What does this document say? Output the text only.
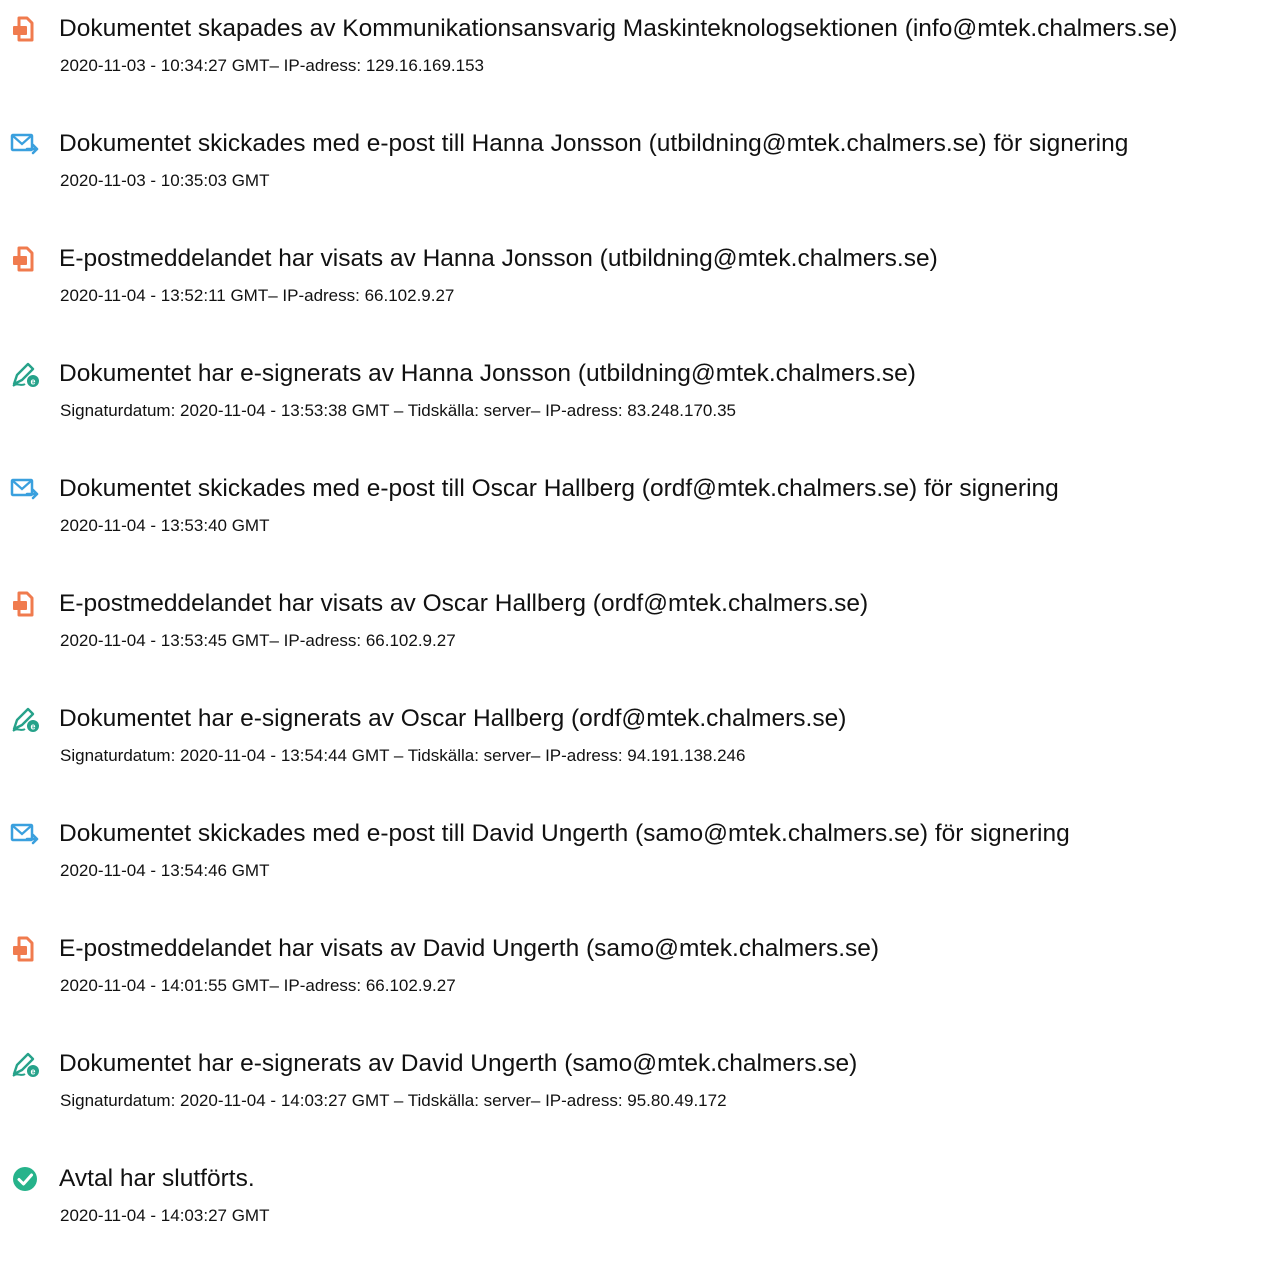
Dokumentet skapades av Kommunikationsansvarig Maskinteknologsektionen (info@mtek.chalmers.se)
2020-11-03 - 10:34:27 GMT– IP-adress: 129.16.169.153
Dokumentet skickades med e-post till Hanna Jonsson (utbildning@mtek.chalmers.se) för signering
2020-11-03 - 10:35:03 GMT
E-postmeddelandet har visats av Hanna Jonsson (utbildning@mtek.chalmers.se)
2020-11-04 - 13:52:11 GMT– IP-adress: 66.102.9.27
e Dokumentet har e-signerats av Hanna Jonsson (utbildning@mtek.chalmers.se)
Signaturdatum: 2020-11-04 - 13:53:38 GMT – Tidskälla: server– IP-adress: 83.248.170.35
Dokumentet skickades med e-post till Oscar Hallberg (ordf@mtek.chalmers.se) för signering
2020-11-04 - 13:53:40 GMT
E-postmeddelandet har visats av Oscar Hallberg (ordf@mtek.chalmers.se)
2020-11-04 - 13:53:45 GMT– IP-adress: 66.102.9.27
e Dokumentet har e-signerats av Oscar Hallberg (ordf@mtek.chalmers.se)
Signaturdatum: 2020-11-04 - 13:54:44 GMT – Tidskälla: server– IP-adress: 94.191.138.246
Dokumentet skickades med e-post till David Ungerth (samo@mtek.chalmers.se) för signering
2020-11-04 - 13:54:46 GMT
E-postmeddelandet har visats av David Ungerth (samo@mtek.chalmers.se)
2020-11-04 - 14:01:55 GMT– IP-adress: 66.102.9.27
e Dokumentet har e-signerats av David Ungerth (samo@mtek.chalmers.se)
Signaturdatum: 2020-11-04 - 14:03:27 GMT – Tidskälla: server– IP-adress: 95.80.49.172
Avtal har slutförts.
2020-11-04 - 14:03:27 GMT
